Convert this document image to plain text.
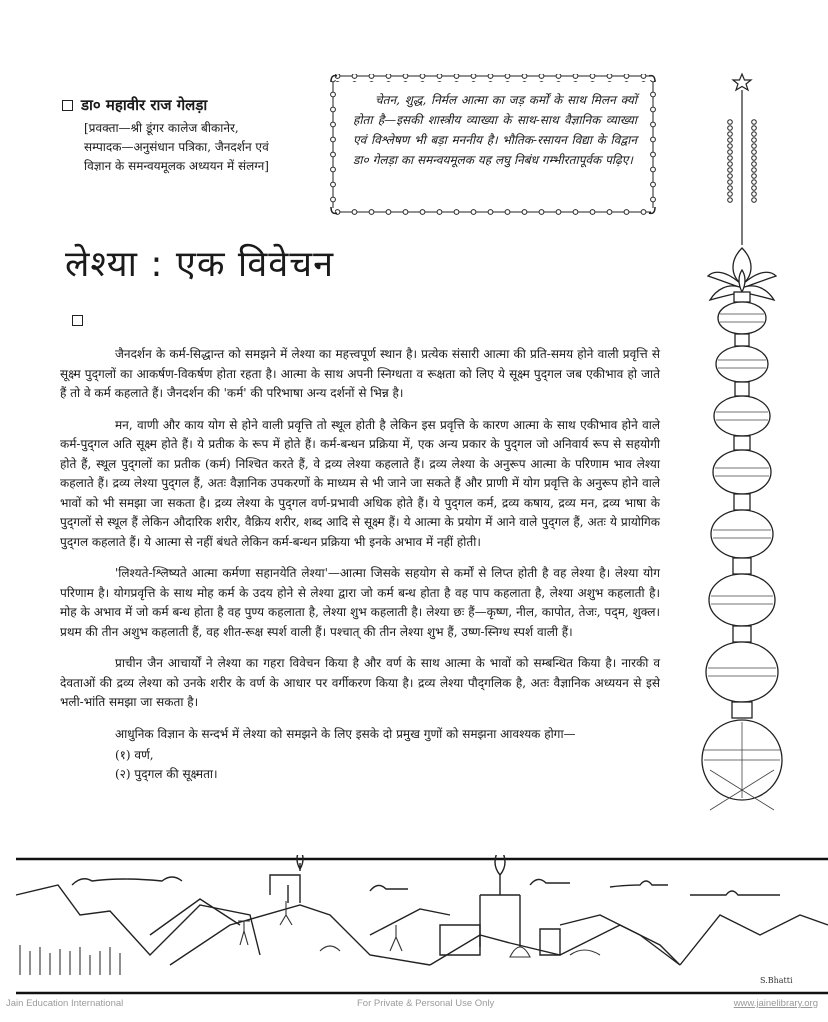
डा० महावीर राज गेलड़ा
[प्रवक्ता—श्री डूंगर कालेज बीकानेर,
सम्पादक—अनुसंधान पत्रिका, जैनदर्शन एवं
विज्ञान के समन्वयमूलक अध्ययन में संलग्न]
चेतन, शुद्ध, निर्मल आत्मा का जड़ कर्मों के साथ मिलन क्यों होता है—इसकी शास्त्रीय व्याख्या के साथ-साथ वैज्ञानिक व्याख्या एवं विश्लेषण भी बड़ा मननीय है। भौतिक-रसायन विद्या के विद्वान डा० गेलड़ा का समन्वयमूलक यह लघु निबंध गम्भीरतापूर्वक पढ़िए।
लेश्या : एक विवेचन

जैनदर्शन के कर्म-सिद्धान्त को समझने में लेश्या का महत्त्वपूर्ण स्थान है। प्रत्येक संसारी आत्मा की प्रति-समय होने वाली प्रवृत्ति से सूक्ष्म पुद्‌गलों का आकर्षण-विकर्षण होता रहता है। आत्मा के साथ अपनी स्निग्धता व रूक्षता को लिए ये सूक्ष्म पुद्‌गल जब एकीभाव हो जाते हैं तो वे कर्म कहलाते हैं। जैनदर्शन की 'कर्म' की परिभाषा अन्य दर्शनों से भिन्न है।

मन, वाणी और काय योग से होने वाली प्रवृत्ति तो स्थूल होती है लेकिन इस प्रवृत्ति के कारण आत्मा के साथ एकीभाव होने वाले कर्म-पुद्‌गल अति सूक्ष्म होते हैं। ये प्रतीक के रूप में होते हैं। कर्म-बन्धन प्रक्रिया में, एक अन्य प्रकार के पुद्‌गल जो अनिवार्य रूप से सहयोगी होते हैं, स्थूल पुद्‌गलों का प्रतीक (कर्म) निश्चित करते हैं, वे द्रव्य लेश्या कहलाते हैं। द्रव्य लेश्या के अनुरूप आत्मा के परिणाम भाव लेश्या कहलाते हैं। द्रव्य लेश्या पुद्‌गल हैं, अतः वैज्ञानिक उपकरणों के माध्यम से भी जाने जा सकते हैं और प्राणी में योग प्रवृत्ति के अनुरूप होने वाले भावों को भी समझा जा सकता है। द्रव्य लेश्या के पुद्‌गल वर्ण-प्रभावी अधिक होते हैं। ये पुद्‌गल कर्म, द्रव्य कषाय, द्रव्य मन, द्रव्य भाषा के पुद्‌गलों से स्थूल हैं लेकिन औदारिक शरीर, वैक्रिय शरीर, शब्द आदि से सूक्ष्म हैं। ये आत्मा के प्रयोग में आने वाले पुद्‌गल हैं, अतः ये प्रायोगिक पुद्‌गल कहलाते हैं। ये आत्मा से नहीं बंधते लेकिन कर्म-बन्धन प्रक्रिया भी इनके अभाव में नहीं होती।

'लिश्यते-श्लिष्यते आत्मा कर्मणा सहानयेति लेश्या'—आत्मा जिसके सहयोग से कर्मों से लिप्त होती है वह लेश्या है। लेश्या योग परिणाम है। योगप्रवृत्ति के साथ मोह कर्म के उदय होने से लेश्या द्वारा जो कर्म बन्ध होता है वह पाप कहलाता है, लेश्या अशुभ कहलाती है। मोह के अभाव में जो कर्म बन्ध होता है वह पुण्य कहलाता है, लेश्या शुभ कहलाती है। लेश्या छः हैं—कृष्ण, नील, कापोत, तेजः, पद्‌म, शुक्ल। प्रथम की तीन अशुभ कहलाती हैं, वह शीत-रूक्ष स्पर्श वाली हैं। पश्चात् की तीन लेश्या शुभ हैं, उष्ण-स्निग्ध स्पर्श वाली हैं।

प्राचीन जैन आचार्यों ने लेश्या का गहरा विवेचन किया है और वर्ण के साथ आत्मा के भावों को सम्बन्धित किया है। नारकी व देवताओं की द्रव्य लेश्या को उनके शरीर के वर्ण के आधार पर वर्गीकरण किया है। द्रव्य लेश्या पौद्‌गलिक है, अतः वैज्ञानिक अध्ययन से इसे भली-भांति समझा जा सकता है।

आधुनिक विज्ञान के सन्दर्भ में लेश्या को समझने के लिए इसके दो प्रमुख गुणों को समझना आवश्यक होगा—

(१) वर्ण,
(२) पुद्‌गल की सूक्ष्मता।
S.Bhatti
Jain Education International	For Private & Personal Use Only	www.jainelibrary.org
